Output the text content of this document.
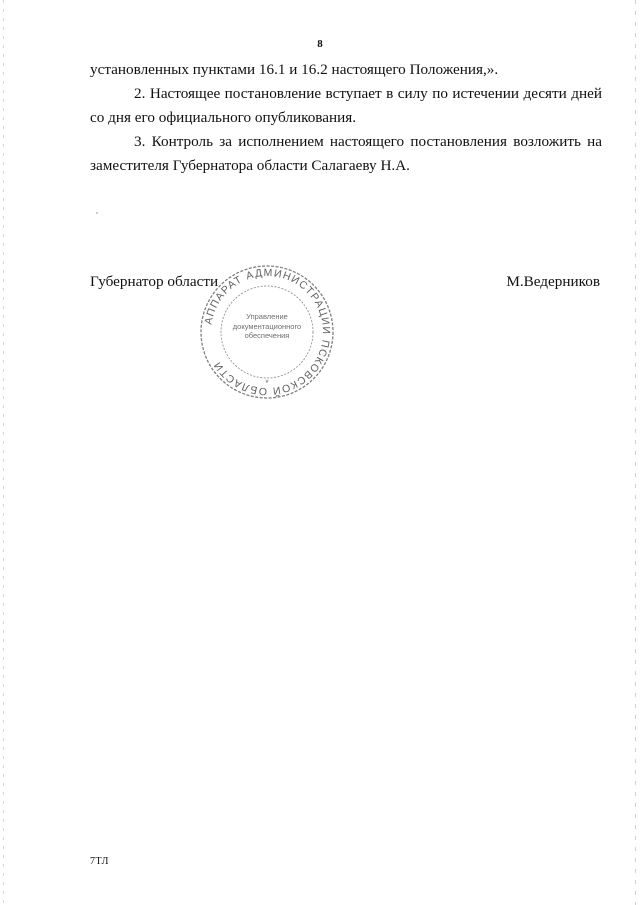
8

установленных пунктами 16.1 и 16.2 настоящего Положения,».

2. Настоящее постановление вступает в силу по истечении десяти дней со дня его официального опубликования.

3. Контроль за исполнением настоящего постановления возложить на заместителя Губернатора области Салагаеву Н.А.

Губернатор области	М.Ведерников
АППАРАТ АДМИНИСТРАЦИИ ПСКОВСКОЙ ОБЛАСТИ
Управление документационного обеспечения
*
7ТЛ
